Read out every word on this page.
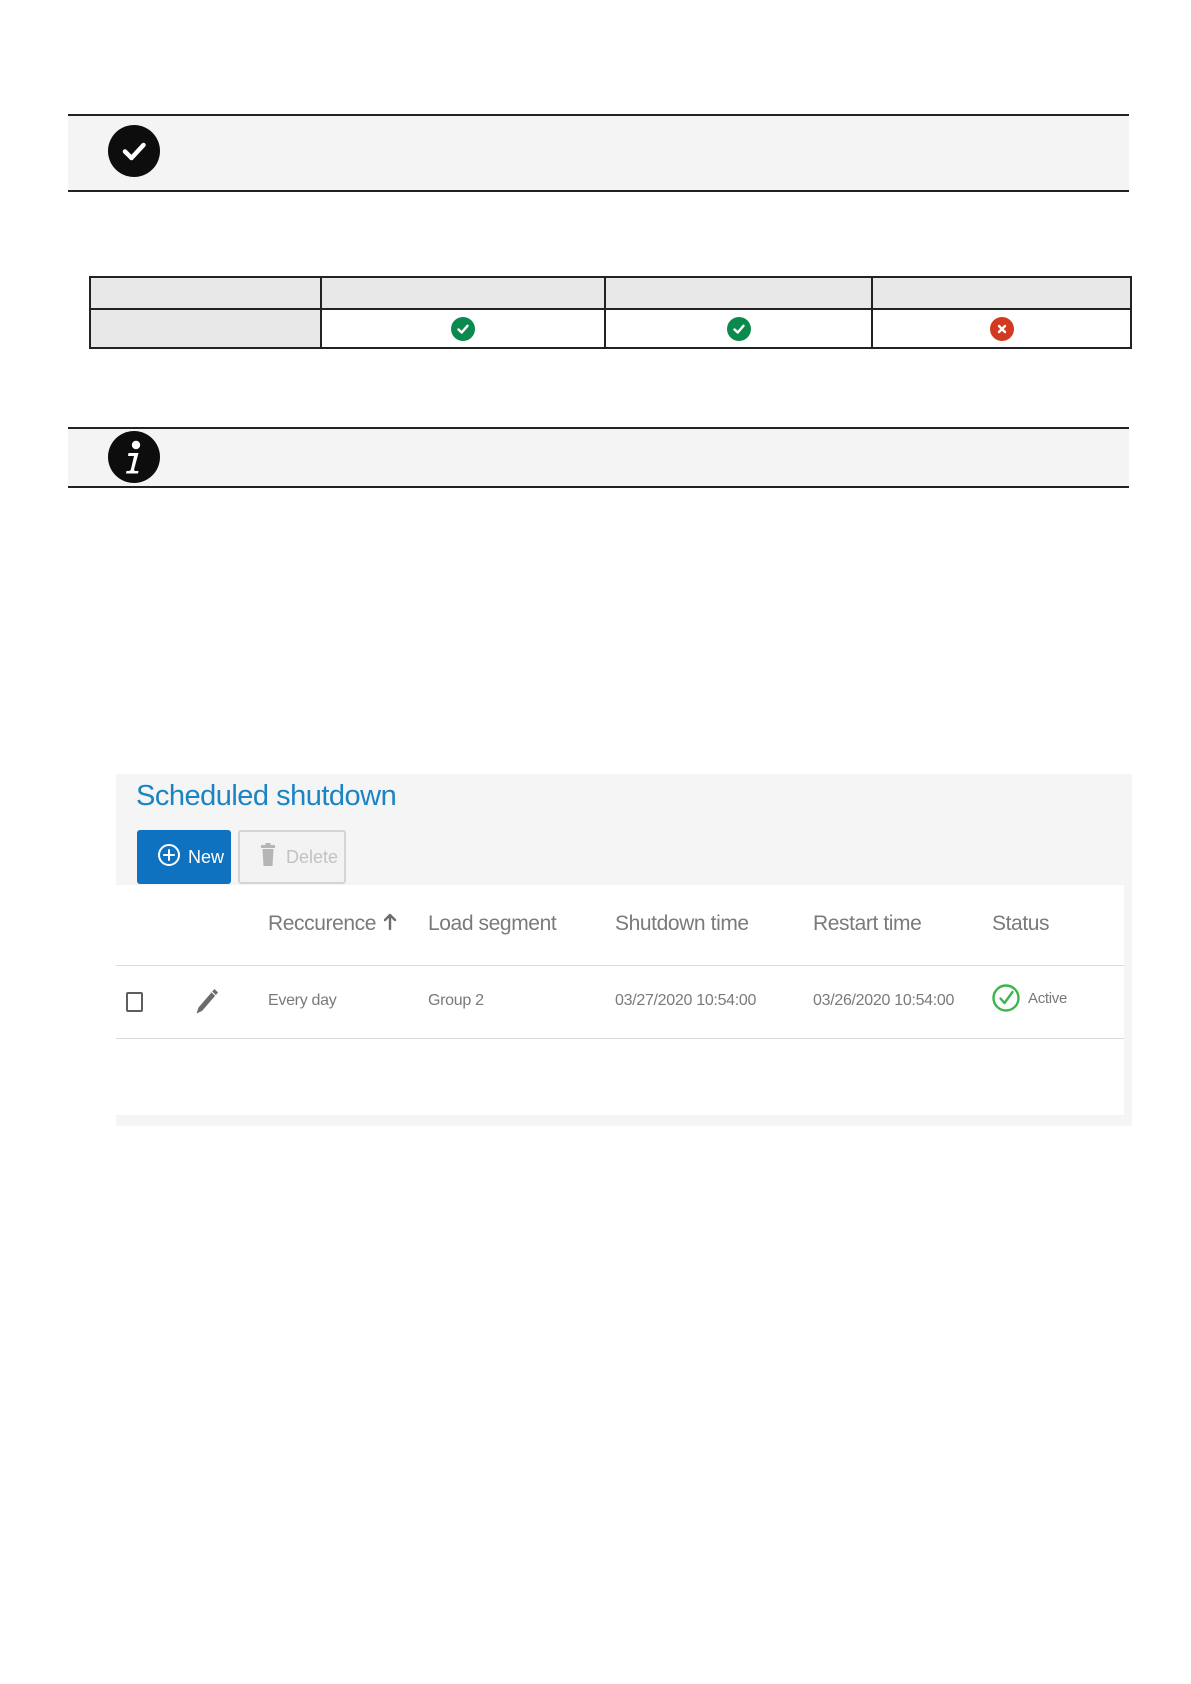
Scheduled shutdown
New	Delete
Reccurence	Load segment	Shutdown time	Restart time	Status
Every day	Group 2	03/27/2020 10:54:00	03/26/2020 10:54:00	Active
